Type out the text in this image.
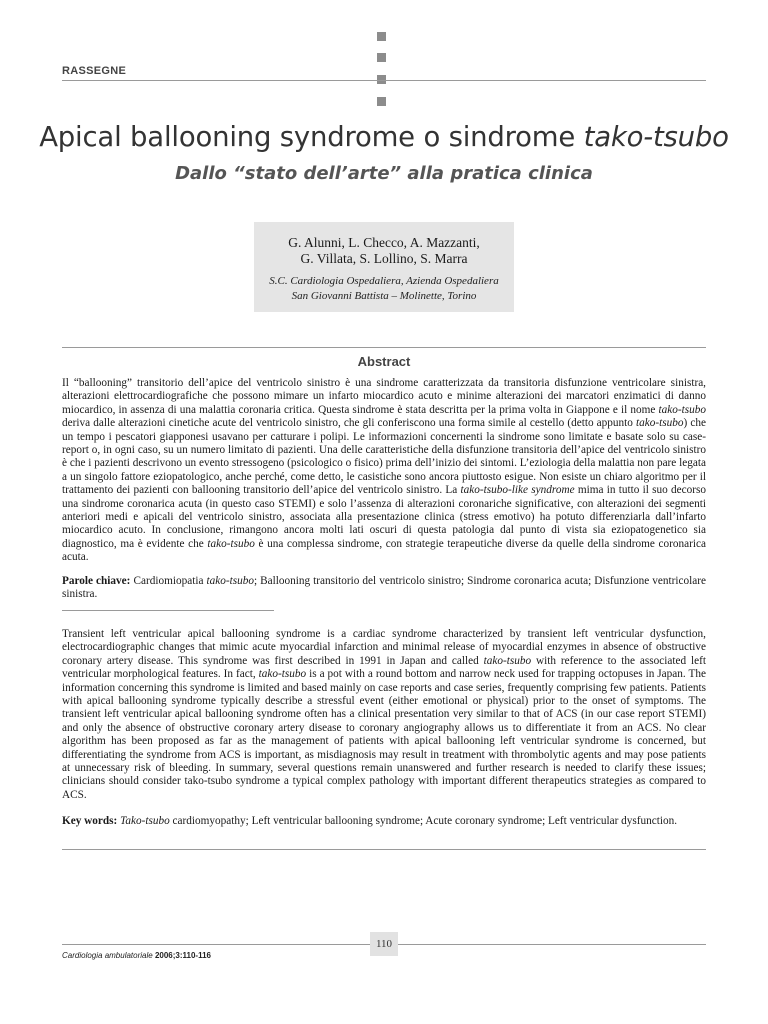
RASSEGNE
Apical ballooning syndrome o sindrome tako-tsubo
Dallo “stato dell’arte” alla pratica clinica
G. Alunni, L. Checco, A. Mazzanti,
G. Villata, S. Lollino, S. Marra
S.C. Cardiologia Ospedaliera, Azienda Ospedaliera
San Giovanni Battista – Molinette, Torino
Abstract

Il “ballooning” transitorio dell’apice del ventricolo sinistro è una sindrome caratterizzata da transitoria disfunzione ventricolare sinistra, alterazioni elettrocardiografiche che possono mimare un infarto miocardico acuto e minime alterazioni dei marcatori enzimatici di danno miocardico, in assenza di una malattia coronaria critica. Questa sindrome è stata descritta per la prima volta in Giappone e il nome tako-tsubo deriva dalle alterazioni cinetiche acute del ventricolo sinistro, che gli conferiscono una forma simile al cestello (detto appunto tako-tsubo) che un tempo i pescatori giapponesi usavano per catturare i polipi. Le informazioni concernenti la sindrome sono limitate e basate solo su case-report o, in ogni caso, su un numero limitato di pazienti. Una delle caratteristiche della disfunzione transitoria dell’apice del ventricolo sinistro è che i pazienti descrivono un evento stressogeno (psicologico o fisico) prima dell’inizio dei sintomi. L’eziologia della malattia non pare legata a un singolo fattore eziopatologico, anche perché, come detto, le casistiche sono ancora piuttosto esigue. Non esiste un chiaro algoritmo per il trattamento dei pazienti con ballooning transitorio dell’apice del ventricolo sinistro. La tako-tsubo-like syndrome mima in tutto il suo decorso una sindrome coronarica acuta (in questo caso STEMI) e solo l’assenza di alterazioni coronariche significative, con alterazioni dei segmenti anteriori medi e apicali del ventricolo sinistro, associata alla presentazione clinica (stress emotivo) ha potuto differenziarla dall’infarto miocardico acuto. In conclusione, rimangono ancora molti lati oscuri di questa patologia dal punto di vista sia eziopatogenetico sia diagnostico, ma è evidente che tako-tsubo è una complessa sindrome, con strategie terapeutiche diverse da quelle della sindrome coronarica acuta.

Parole chiave: Cardiomiopatia tako-tsubo; Ballooning transitorio del ventricolo sinistro; Sindrome coronarica acuta; Disfunzione ventricolare sinistra.

Transient left ventricular apical ballooning syndrome is a cardiac syndrome characterized by transient left ventricular dysfunction, electrocardiographic changes that mimic acute myocardial infarction and minimal release of myocardial enzymes in absence of obstructive coronary artery disease. This syndrome was first described in 1991 in Japan and called tako-tsubo with reference to the associated left ventricular morphological features. In fact, tako-tsubo is a pot with a round bottom and narrow neck used for trapping octopuses in Japan. The information concerning this syndrome is limited and based mainly on case reports and case series, frequently comprising few patients. Patients with apical ballooning syndrome typically describe a stressful event (either emotional or physical) prior to the onset of symptoms. The transient left ventricular apical ballooning syndrome often has a clinical presentation very similar to that of ACS (in our case report STEMI) and only the absence of obstructive coronary artery disease to coronary angiography allows us to differentiate it from an ACS. No clear algorithm has been proposed as far as the management of patients with apical ballooning left ventricular syndrome is concerned, but differentiating the syndrome from ACS is important, as misdiagnosis may result in treatment with thrombolytic agents and may pose patients at unnecessary risk of bleeding. In summary, several questions remain unanswered and further research is needed to clarify these issues; clinicians should consider tako-tsubo syndrome a typical complex pathology with important different therapeutics strategies as compared to ACS.

Key words: Tako-tsubo cardiomyopathy; Left ventricular ballooning syndrome; Acute coronary syndrome; Left ventricular dysfunction.

110
Cardiologia ambulatoriale 2006;3:110-116
